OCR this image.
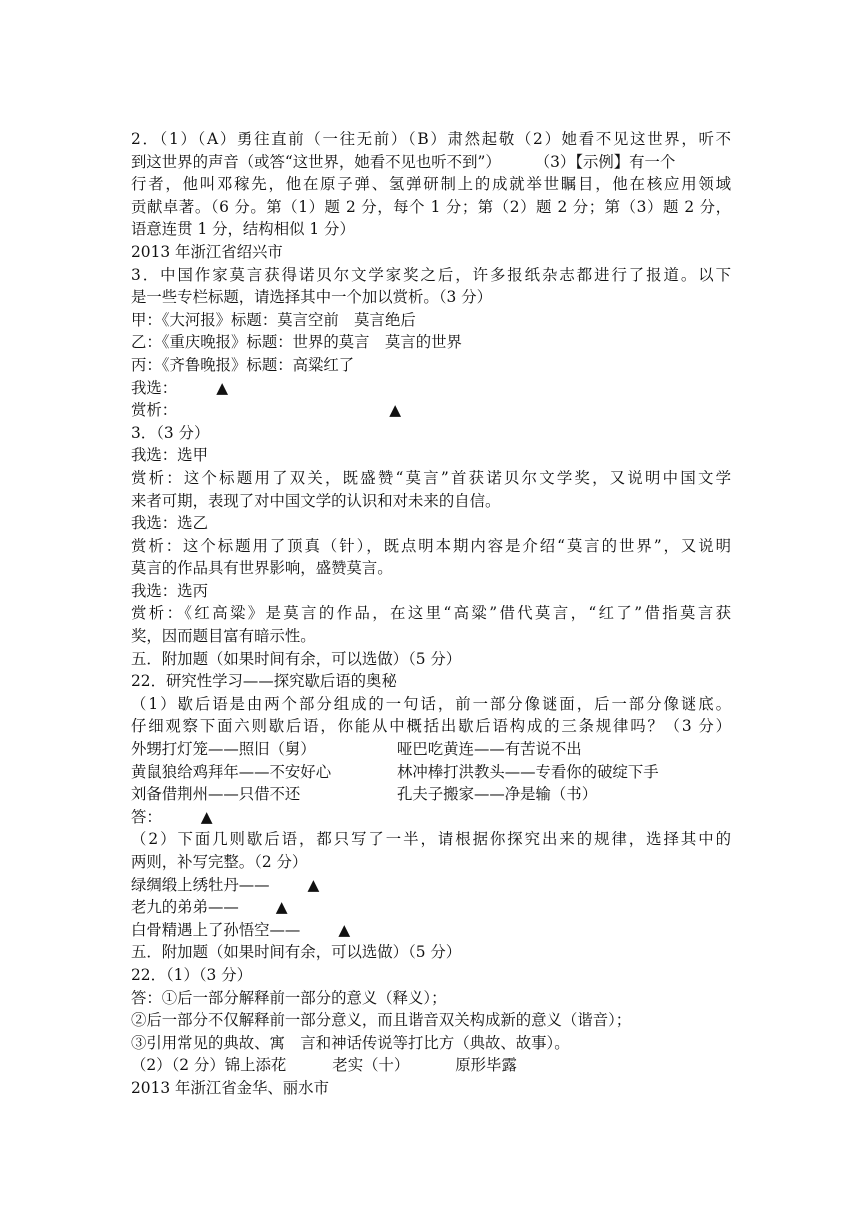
2．（1）（A）勇往直前（一往无前）（B）肃然起敬（2）她看不见这世界，听不
到这世界的声音（或答“这世界，她看不见也听不到”） （3）【示例】有一个
行者，他叫邓稼先，他在原子弹、氢弹研制上的成就举世瞩目，他在核应用领域
贡献卓著。（6 分。第（1）题 2 分，每个 1 分；第（2）题 2 分；第（3）题 2 分，
语意连贯 1 分，结构相似 1 分）
2013 年浙江省绍兴市
3．中国作家莫言获得诺贝尔文学家奖之后，许多报纸杂志都进行了报道。以下
是一些专栏标题，请选择其中一个加以赏析。（3 分）
甲：《大河报》标题：莫言空前　莫言绝后
乙：《重庆晚报》标题：世界的莫言　莫言的世界
丙：《齐鲁晚报》标题：高粱红了
我选：	▲
赏析：	▲
3．（3 分）
我选：选甲
赏析：这个标题用了双关，既盛赞“莫言”首获诺贝尔文学奖，又说明中国文学
来者可期，表现了对中国文学的认识和对未来的自信。
我选：选乙
赏析：这个标题用了顶真（针），既点明本期内容是介绍“莫言的世界”，又说明
莫言的作品具有世界影响，盛赞莫言。
我选：选丙
赏析：《红高粱》是莫言的作品，在这里“高粱”借代莫言，“红了”借指莫言获
奖，因而题目富有暗示性。
五．附加题（如果时间有余，可以选做）（5 分）
22．研究性学习——探究歇后语的奥秘
（1）歇后语是由两个部分组成的一句话，前一部分像谜面，后一部分像谜底。
仔细观察下面六则歇后语，你能从中概括出歇后语构成的三条规律吗？（3 分）
外甥打灯笼——照旧（舅）	哑巴吃黄连——有苦说不出
黄鼠狼给鸡拜年——不安好心	林冲棒打洪教头——专看你的破绽下手
刘备借荆州——只借不还	孔夫子搬家——净是输（书）
答：	▲
（2）下面几则歇后语，都只写了一半，请根据你探究出来的规律，选择其中的
两则，补写完整。（2 分）
绿绸缎上绣牡丹—— ▲
老九的弟弟—— ▲
白骨精遇上了孙悟空—— ▲
五．附加题（如果时间有余，可以选做）（5 分）
22．（1）（3 分）
答：①后一部分解释前一部分的意义（释义）；
②后一部分不仅解释前一部分意义，而且谐音双关构成新的意义（谐音）；
③引用常见的典故、寓　言和神话传说等打比方（典故、故事）。
（2）（2 分）锦上添花	老实（十）	原形毕露
2013 年浙江省金华、丽水市
